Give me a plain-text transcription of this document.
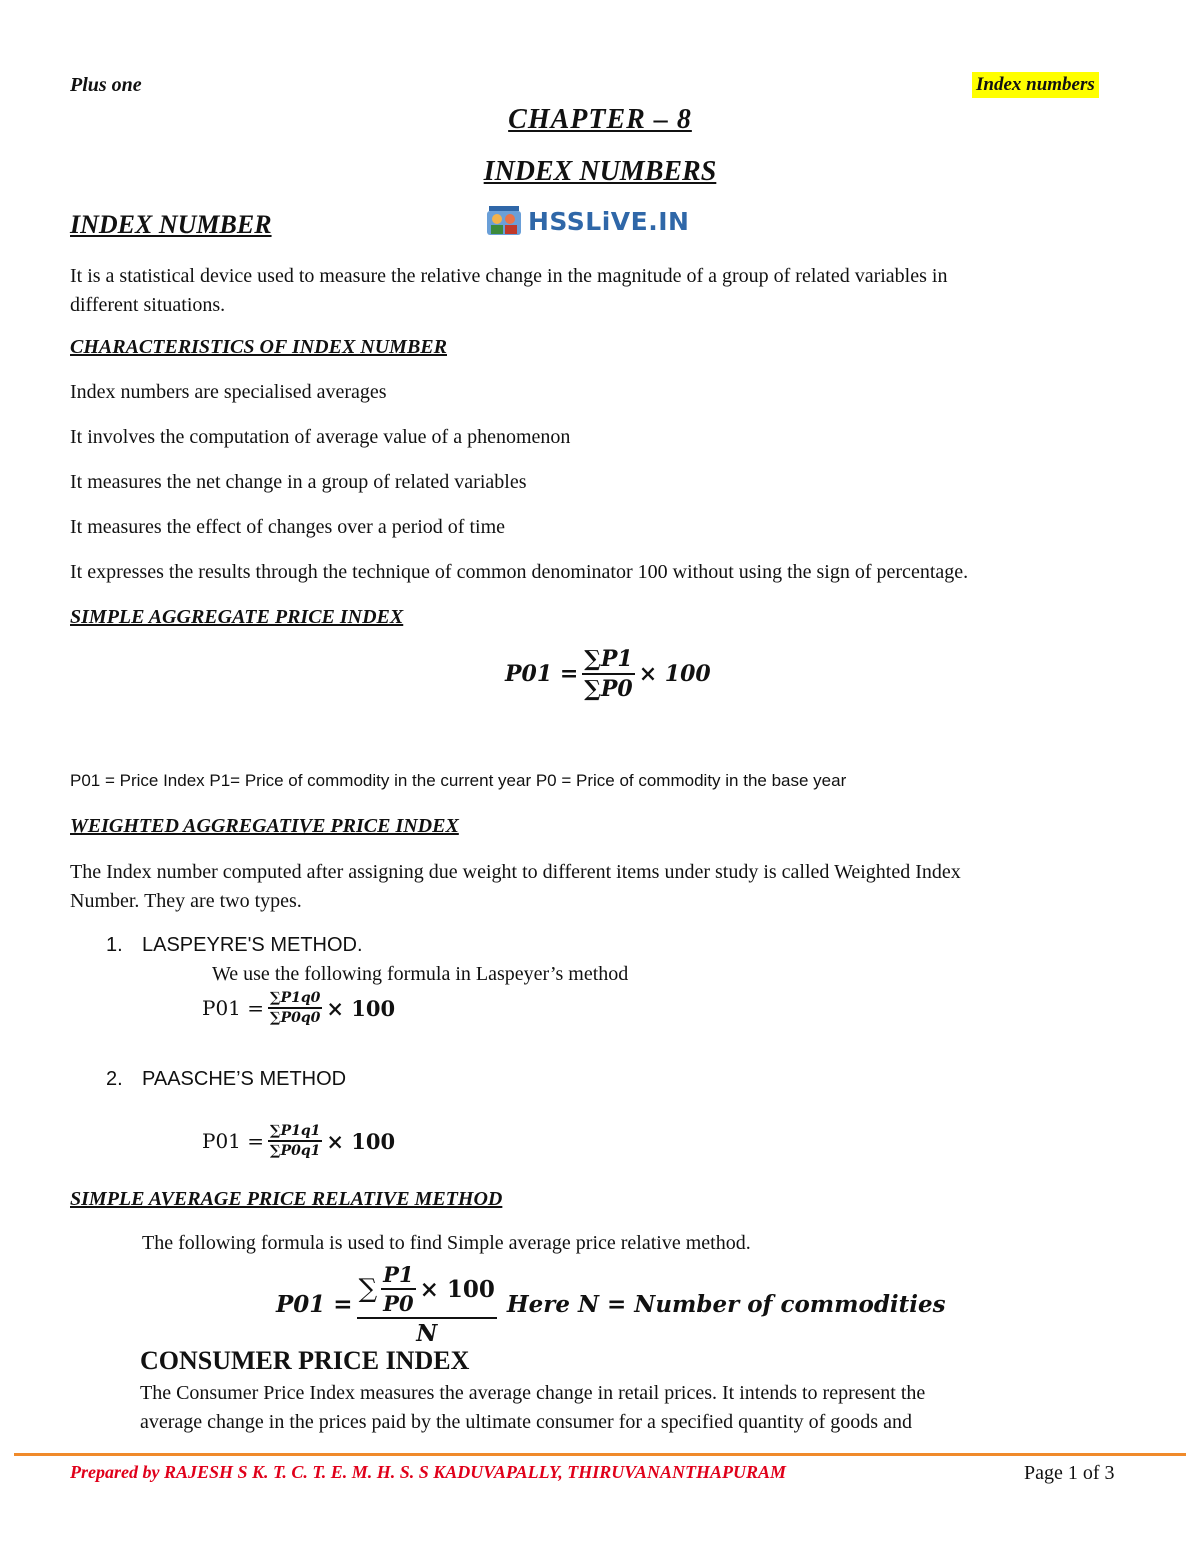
Plus one	Index numbers
CHAPTER – 8
INDEX NUMBERS
HSSLiVE.IN
INDEX NUMBER
It is a statistical device used to measure the relative change in the magnitude of a group of related variables in
different situations.
CHARACTERISTICS OF INDEX NUMBER
Index numbers are specialised averages
It involves the computation of average value of a phenomenon
It measures the net change in a group of related variables
It measures the effect of changes over a period of time
It expresses the results through the technique of common denominator 100 without using the sign of percentage.
SIMPLE AGGREGATE PRICE INDEX
$P01 = \frac{\sum P1}{\sum P0} \times 100$
P01 = Price Index P1= Price of commodity in the current year P0 = Price of commodity in the base year
WEIGHTED AGGREGATIVE PRICE INDEX
The Index number computed after assigning due weight to different items under study is called Weighted Index
Number. They are two types.
1. LASPEYRE'S METHOD.
We use the following formula in Laspeyer’s method
$P01 = \frac{\sum P1q0}{\sum P0q0} \times 100$
2. PAASCHE’S METHOD
$P01 = \frac{\sum P1q1}{\sum P0q1} \times 100$
SIMPLE AVERAGE PRICE RELATIVE METHOD
The following formula is used to find Simple average price relative method.
$P01 = \frac{\sum \frac{P1}{P0} \times 100}{N}$ Here N = Number of commodities
CONSUMER PRICE INDEX
The Consumer Price Index measures the average change in retail prices. It intends to represent the
average change in the prices paid by the ultimate consumer for a specified quantity of goods and
Prepared by RAJESH S K. T. C. T. E. M. H. S. S KADUVAPALLY, THIRUVANANTHAPURAM	Page 1 of 3
